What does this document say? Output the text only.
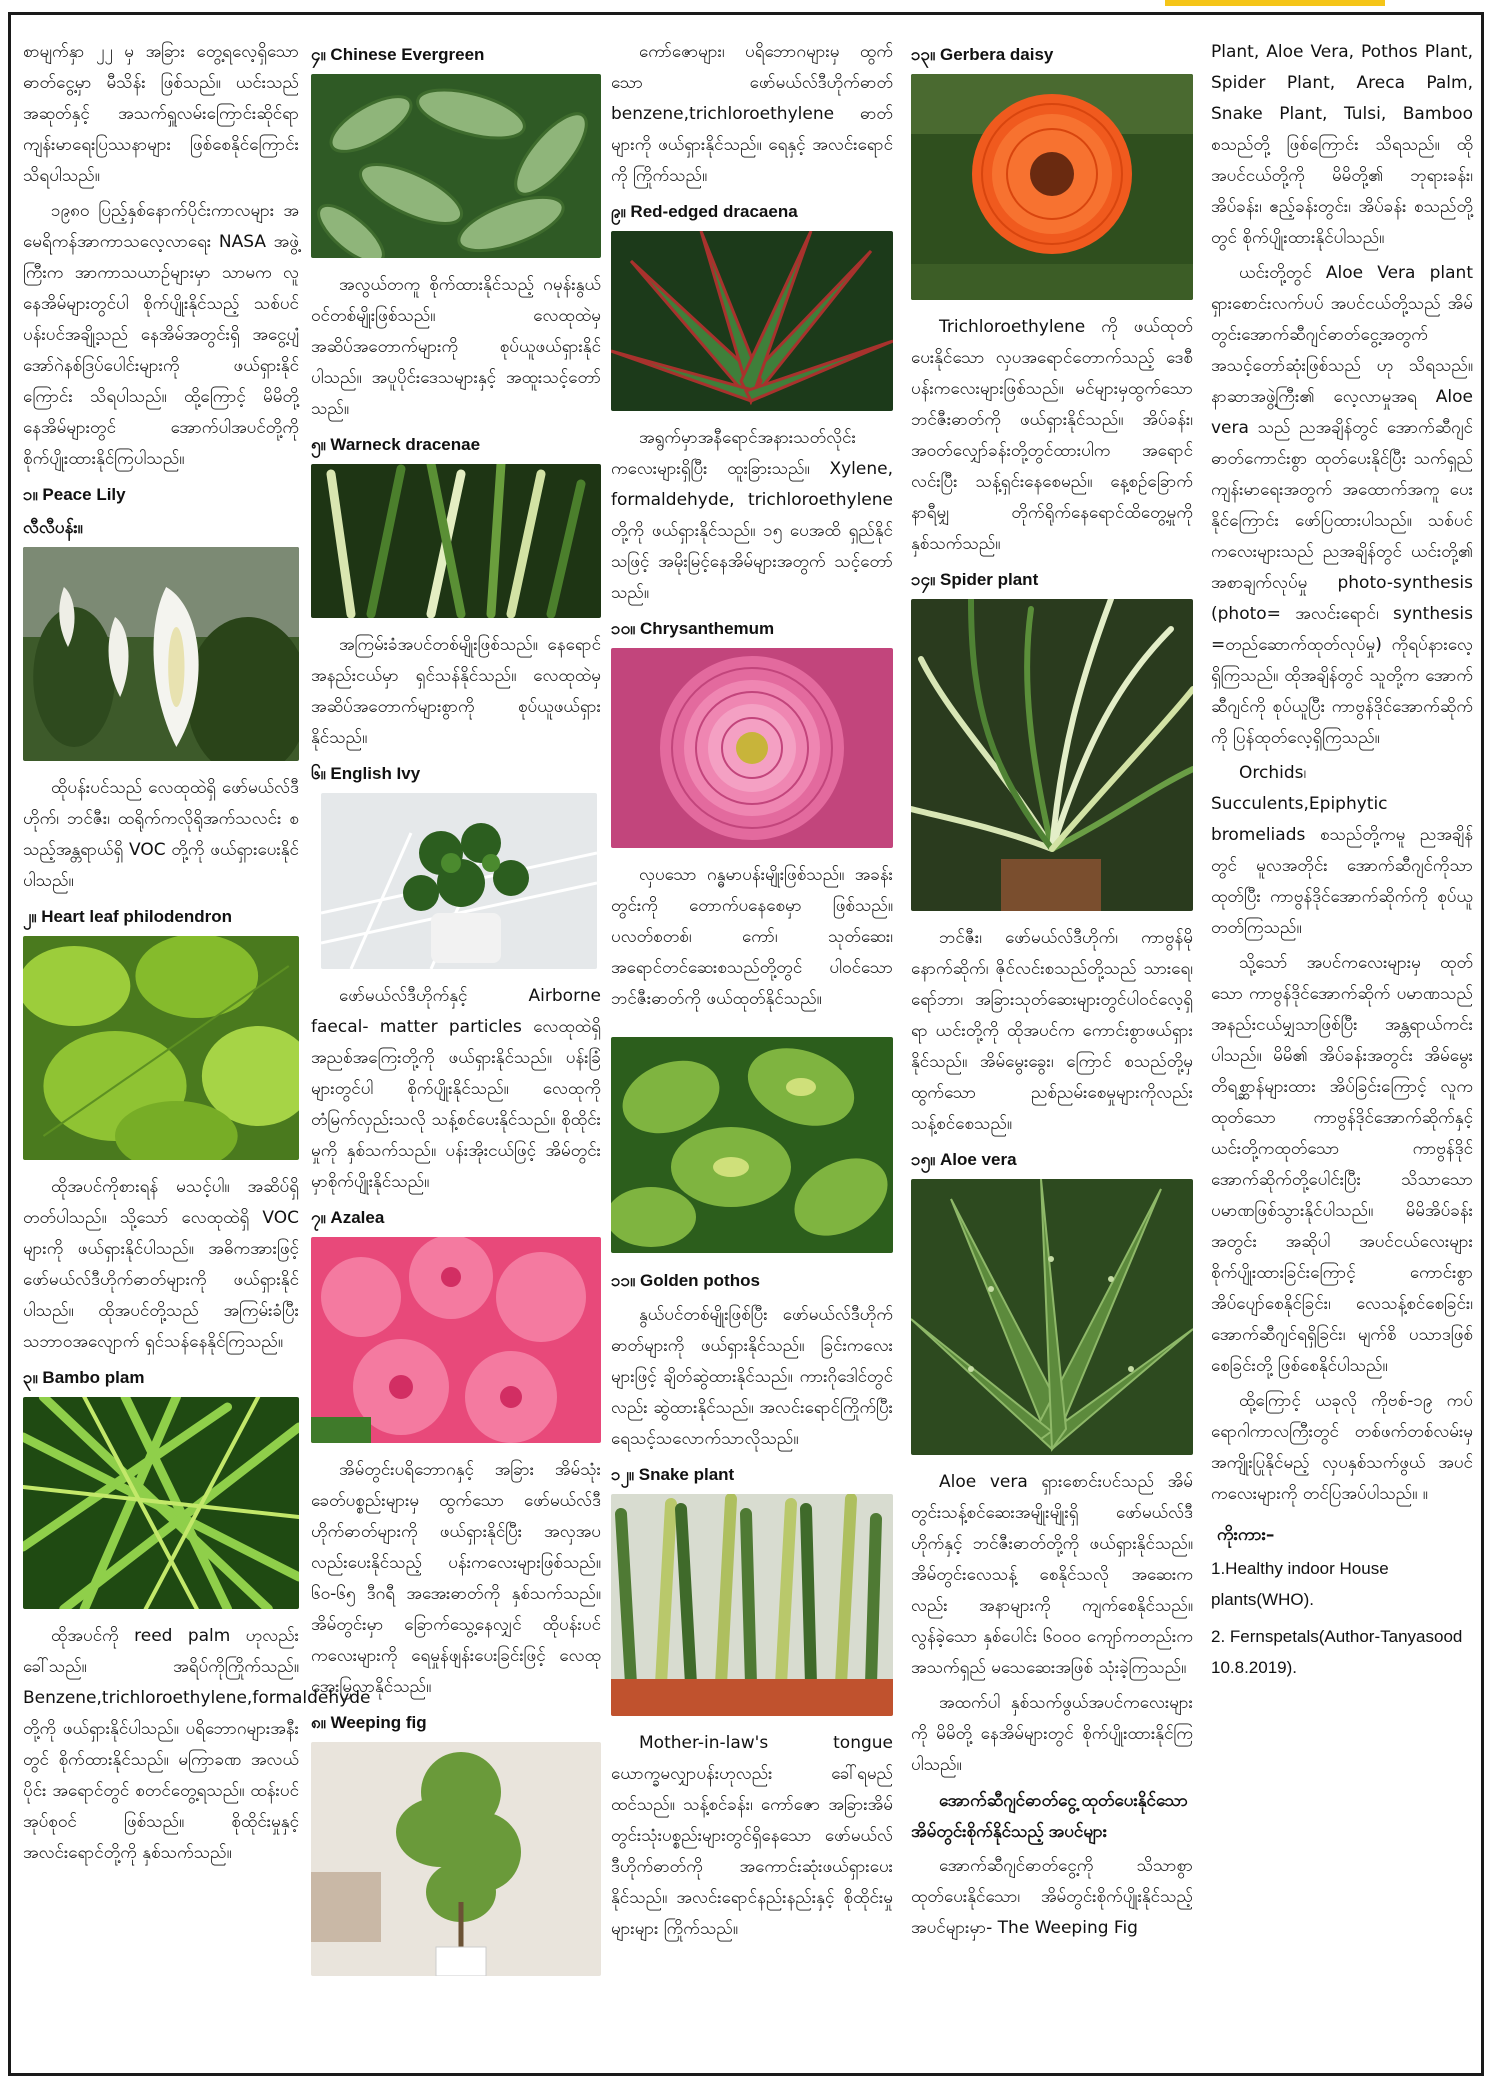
စာမျက်နှာ ၂၂ မှ အခြား တွေ့ရလေ့ရှိသော ဓာတ်ငွေ့မှာ မီသိန်း ဖြစ်သည်။ ယင်းသည် အဆုတ်နှင့် အသက်ရှူလမ်းကြောင်းဆိုင်ရာ ကျန်းမာရေးပြဿနာများ ဖြစ်စေနိုင်ကြောင်း သိရပါသည်။

၁၉၈၀ ပြည့်နှစ်နောက်ပိုင်းကာလများ အမေရိကန်အာကာသလေ့လာရေး NASA အဖွဲ့ကြီးက အာကာသယာဉ်များမှာ သာမက လူနေအိမ်များတွင်ပါ စိုက်ပျိုးနိုင်သည့် သစ်ပင်ပန်းပင်အချို့သည် နေအိမ်အတွင်းရှိ အငွေ့ပျံ အော်ဂဲနစ်ဒြပ်ပေါင်းများကို ဖယ်ရှားနိုင်ကြောင်း သိရပါသည်။ ထို့ကြောင့် မိမိတို့နေအိမ်များတွင် အောက်ပါအပင်တို့ကို စိုက်ပျိုးထားနိုင်ကြပါသည်။

၁။ Peace Lily
လီလီပန်း။

ထိုပန်းပင်သည် လေထုထဲရှိ ဖော်မယ်လ်ဒီဟိုက်၊ ဘင်ဇီး၊ ထရိုက်ကလိုရိုအက်သလင်း စသည့်အန္တရာယ်ရှိ VOC တို့ကို ဖယ်ရှားပေးနိုင်ပါသည်။

၂။ Heart leaf philodendron

ထိုအပင်ကိုစားရန် မသင့်ပါ။ အဆိပ်ရှိတတ်ပါသည်။ သို့သော် လေထုထဲရှိ VOC များကို ဖယ်ရှားနိုင်ပါသည်။ အဓိကအားဖြင့် ဖော်မယ်လ်ဒီဟိုက်ဓာတ်များကို ဖယ်ရှားနိုင်ပါသည်။ ထိုအပင်တို့သည် အကြမ်းခံပြီး သဘာဝအလျောက် ရှင်သန်နေနိုင်ကြသည်။

၃။ Bambo plam

ထိုအပင်ကို reed palm ဟုလည်း ခေါ်သည်။ အရိပ်ကိုကြိုက်သည်။ Benzene,trichloroethylene,formaldehyde တို့ကို ဖယ်ရှားနိုင်ပါသည်။ ပရိဘောဂများအနီးတွင် စိုက်ထားနိုင်သည်။ မကြာခဏ အလယ်ပိုင်း အရောင်တွင် စတင်တွေ့ရသည်။ ထန်းပင်အုပ်စုဝင် ဖြစ်သည်။ စိုထိုင်းမှုနှင့် အလင်းရောင်တို့ကို နှစ်သက်သည်။

၄။ Chinese Evergreen

အလွယ်တကူ စိုက်ထားနိုင်သည့် ဂမုန်းနွယ်ဝင်တစ်မျိုးဖြစ်သည်။ လေထုထဲမှ အဆိပ်အတောက်များကို စုပ်ယူဖယ်ရှားနိုင်ပါသည်။ အပူပိုင်းဒေသများနှင့် အထူးသင့်တော်သည်။

၅။ Warneck dracenae

အကြမ်းခံအပင်တစ်မျိုးဖြစ်သည်။ နေရောင်အနည်းငယ်မှာ ရှင်သန်နိုင်သည်။ လေထုထဲမှ အဆိပ်အတောက်များစွာကို စုပ်ယူဖယ်ရှားနိုင်သည်။

၆။ English Ivy

ဖော်မယ်လ်ဒီဟိုက်နှင့် Airborne faecal- matter particles လေထုထဲရှိ အညစ်အကြေးတို့ကို ဖယ်ရှားနိုင်သည်။ ပန်းခြံများတွင်ပါ စိုက်ပျိုးနိုင်သည်။ လေထုကို တံမြက်လှည်းသလို သန့်စင်ပေးနိုင်သည်။ စိုထိုင်းမှုကို နှစ်သက်သည်။ ပန်းအိုးငယ်ဖြင့် အိမ်တွင်းမှာစိုက်ပျိုးနိုင်သည်။

၇။ Azalea

အိမ်တွင်းပရိဘောဂနှင့် အခြား အိမ်သုံးခေတ်ပစ္စည်းများမှ ထွက်သော ဖော်မယ်လ်ဒီဟိုက်ဓာတ်များကို ဖယ်ရှားနိုင်ပြီး အလှအပလည်းပေးနိုင်သည့် ပန်းကလေးများဖြစ်သည်။ ၆၀-၆၅ ဒီဂရီ အအေးဓာတ်ကို နှစ်သက်သည်။ အိမ်တွင်းမှာ ခြောက်သွေ့နေလျှင် ထိုပန်းပင်ကလေးများကို ရေမှုန်ဖျန်းပေးခြင်းဖြင့် လေထုအေးမြလာနိုင်သည်။

၈။ Weeping fig

ကော်ဇောများ၊ ပရိဘောဂများမှ ထွက်သော ဖော်မယ်လ်ဒီဟိုက်ဓာတ် benzene,trichloroethylene ဓာတ်များကို ဖယ်ရှားနိုင်သည်။ ရေနှင့် အလင်းရောင်ကို ကြိုက်သည်။

၉။ Red-edged dracaena

အရွက်မှာအနီရောင်အနားသတ်လိုင်းကလေးများရှိပြီး ထူးခြားသည်။ Xylene, formaldehyde, trichloroethylene တို့ကို ဖယ်ရှားနိုင်သည်။ ၁၅ ပေအထိ ရှည်နိုင်သဖြင့် အမိုးမြင့်နေအိမ်များအတွက် သင့်တော်သည်။

၁၀။ Chrysanthemum

လှပသော ဂန္ဓမာပန်းမျိုးဖြစ်သည်။ အခန်းတွင်းကို တောက်ပနေစေမှာ ဖြစ်သည်။ ပလတ်စတစ်၊ ကော်၊ သုတ်ဆေး၊ အရောင်တင်ဆေးစသည်တို့တွင် ပါဝင်သော ဘင်ဇီးဓာတ်ကို ဖယ်ထုတ်နိုင်သည်။

၁၁။ Golden pothos

နွယ်ပင်တစ်မျိုးဖြစ်ပြီး ဖော်မယ်လ်ဒီဟိုက်ဓာတ်များကို ဖယ်ရှားနိုင်သည်။ ခြင်းကလေးများဖြင့် ချိတ်ဆွဲထားနိုင်သည်။ ကားဂိုဒေါင်တွင်လည်း ဆွဲထားနိုင်သည်။ အလင်းရောင်ကြိုက်ပြီး ရေသင့်သလောက်သာလိုသည်။

၁၂။ Snake plant

Mother-in-law's tongue ယောက္ခမလျှာပန်းဟုလည်း ခေါ်ရမည်ထင်သည်။ သန့်စင်ခန်း၊ ကော်ဇော အခြားအိမ်တွင်းသုံးပစ္စည်းများတွင်ရှိနေသော ဖော်မယ်လ်ဒီဟိုက်ဓာတ်ကို အကောင်းဆုံးဖယ်ရှားပေးနိုင်သည်။ အလင်းရောင်နည်းနည်းနှင့် စိုထိုင်းမှုများများ ကြိုက်သည်။

၁၃။ Gerbera daisy

Trichloroethylene ကို ဖယ်ထုတ်ပေးနိုင်သော လှပအရောင်တောက်သည့် ဒေစီပန်းကလေးများဖြစ်သည်။ မင်များမှထွက်သော ဘင်ဇီးဓာတ်ကို ဖယ်ရှားနိုင်သည်။ အိပ်ခန်း၊ အဝတ်လျှော်ခန်းတို့တွင်ထားပါက အရောင်လင်းပြီး သန့်ရှင်းနေစေမည်။ နေ့စဉ်ခြောက်နာရီမျှ တိုက်ရိုက်နေရောင်ထိတွေ့မှုကို နှစ်သက်သည်။

၁၄။ Spider plant

ဘင်ဇီး၊ ဖော်မယ်လ်ဒီဟိုက်၊ ကာဗွန်မိုနောက်ဆိုက်၊ ဇိုင်လင်းစသည်တို့သည် သားရေ၊ ရော်ဘာ၊ အခြားသုတ်ဆေးများတွင်ပါဝင်လေ့ရှိရာ ယင်းတို့ကို ထိုအပင်က ကောင်းစွာဖယ်ရှားနိုင်သည်။ အိမ်မွေးခွေး၊ ကြောင် စသည်တို့မှ ထွက်သော ညစ်ညမ်းစေမှုများကိုလည်း သန့်စင်စေသည်။

၁၅။ Aloe vera

Aloe vera ရှားစောင်းပင်သည် အိမ်တွင်းသန့်စင်ဆေးအမျိုးမျိုးရှိ ဖော်မယ်လ်ဒီဟိုက်နှင့် ဘင်ဇီးဓာတ်တို့ကို ဖယ်ရှားနိုင်သည်။ အိမ်တွင်းလေသန့် စေနိုင်သလို အဆေးကလည်း အနာများကို ကျက်စေနိုင်သည်။ လွန်ခဲ့သော နှစ်ပေါင်း ၆၀၀၀ ကျော်ကတည်းက အသက်ရှည် မသေဆေးအဖြစ် သုံးခဲ့ကြသည်။

အထက်ပါ နှစ်သက်ဖွယ်အပင်ကလေးများကို မိမိတို့ နေအိမ်များတွင် စိုက်ပျိုးထားနိုင်ကြပါသည်။

အောက်ဆီဂျင်ဓာတ်ငွေ့ ထုတ်ပေးနိုင်သော အိမ်တွင်းစိုက်နိုင်သည့် အပင်များ

အောက်ဆီဂျင်ဓာတ်ငွေ့ကို သိသာစွာ ထုတ်ပေးနိုင်သော၊ အိမ်တွင်းစိုက်ပျိုးနိုင်သည့် အပင်များမှာ- The Weeping Fig

Plant, Aloe Vera, Pothos Plant, Spider Plant, Areca Palm, Snake Plant, Tulsi, Bamboo စသည်တို့ ဖြစ်ကြောင်း သိရသည်။ ထိုအပင်ငယ်တို့ကို မိမိတို့၏ ဘုရားခန်း၊ အိပ်ခန်း၊ ဧည့်ခန်းတွင်း၊ အိပ်ခန်း စသည်တို့တွင် စိုက်ပျိုးထားနိုင်ပါသည်။

ယင်းတို့တွင် Aloe Vera plant ရှားစောင်းလက်ပပ် အပင်ငယ်တို့သည် အိမ်တွင်းအောက်ဆီဂျင်ဓာတ်ငွေ့အတွက် အသင့်တော်ဆုံးဖြစ်သည် ဟု သိရသည်။ နာဆာအဖွဲ့ကြီး၏ လေ့လာမှုအရ Aloe vera သည် ညအချိန်တွင် အောက်ဆီဂျင်ဓာတ်ကောင်းစွာ ထုတ်ပေးနိုင်ပြီး သက်ရှည်ကျန်းမာရေးအတွက် အထောက်အကူ ပေးနိုင်ကြောင်း ဖော်ပြထားပါသည်။ သစ်ပင်ကလေးများသည် ညအချိန်တွင် ယင်းတို့၏ အစာချက်လုပ်မှု photo-synthesis (photo= အလင်းရောင်၊ synthesis =တည်ဆောက်ထုတ်လုပ်မှု) ကိုရပ်နားလေ့ရှိကြသည်။ ထိုအချိန်တွင် သူတို့က အောက်ဆီဂျင်ကို စုပ်ယူပြီး ကာဗွန်ဒိုင်အောက်ဆိုက်ကို ပြန်ထုတ်လေ့ရှိကြသည်။

Orchids၊ Succulents,Epiphytic bromeliads စသည်တို့ကမူ ညအချိန်တွင် မူလအတိုင်း အောက်ဆီဂျင်ကိုသာ ထုတ်ပြီး ကာဗွန်ဒိုင်အောက်ဆိုက်ကို စုပ်ယူတတ်ကြသည်။

သို့သော် အပင်ကလေးများမှ ထုတ်သော ကာဗွန်ဒိုင်အောက်ဆိုက် ပမာဏသည် အနည်းငယ်မျှသာဖြစ်ပြီး အန္တရာယ်ကင်းပါသည်။ မိမိ၏ အိပ်ခန်းအတွင်း အိမ်မွေးတိရစ္ဆာန်များထား အိပ်ခြင်းကြောင့် လူက ထုတ်သော ကာဗွန်ဒိုင်အောက်ဆိုက်နှင့် ယင်းတို့ကထုတ်သော ကာဗွန်ဒိုင်အောက်ဆိုက်တို့ပေါင်းပြီး သိသာသော ပမာဏဖြစ်သွားနိုင်ပါသည်။ မိမိအိပ်ခန်းအတွင်း အဆိုပါ အပင်ငယ်လေးများ စိုက်ပျိုးထားခြင်းကြောင့် ကောင်းစွာ အိပ်ပျော်စေနိုင်ခြင်း၊ လေသန့်စင်စေခြင်း၊ အောက်ဆီဂျင်ရရှိခြင်း၊ မျက်စိ ပသာဒဖြစ်စေခြင်းတို့ ဖြစ်စေနိုင်ပါသည်။

ထို့ကြောင့် ယခုလို ကိုဗစ်-၁၉ ကပ်ရောဂါကာလကြီးတွင် တစ်ဖက်တစ်လမ်းမှ အကျိုးပြုနိုင်မည့် လှပနှစ်သက်ဖွယ် အပင်ကလေးများကို တင်ပြအပ်ပါသည်။ ။

ကိုးကား–
1.Healthy indoor House plants(WHO).
2. Fernspetals(Author-Tanyasood 10.8.2019).
